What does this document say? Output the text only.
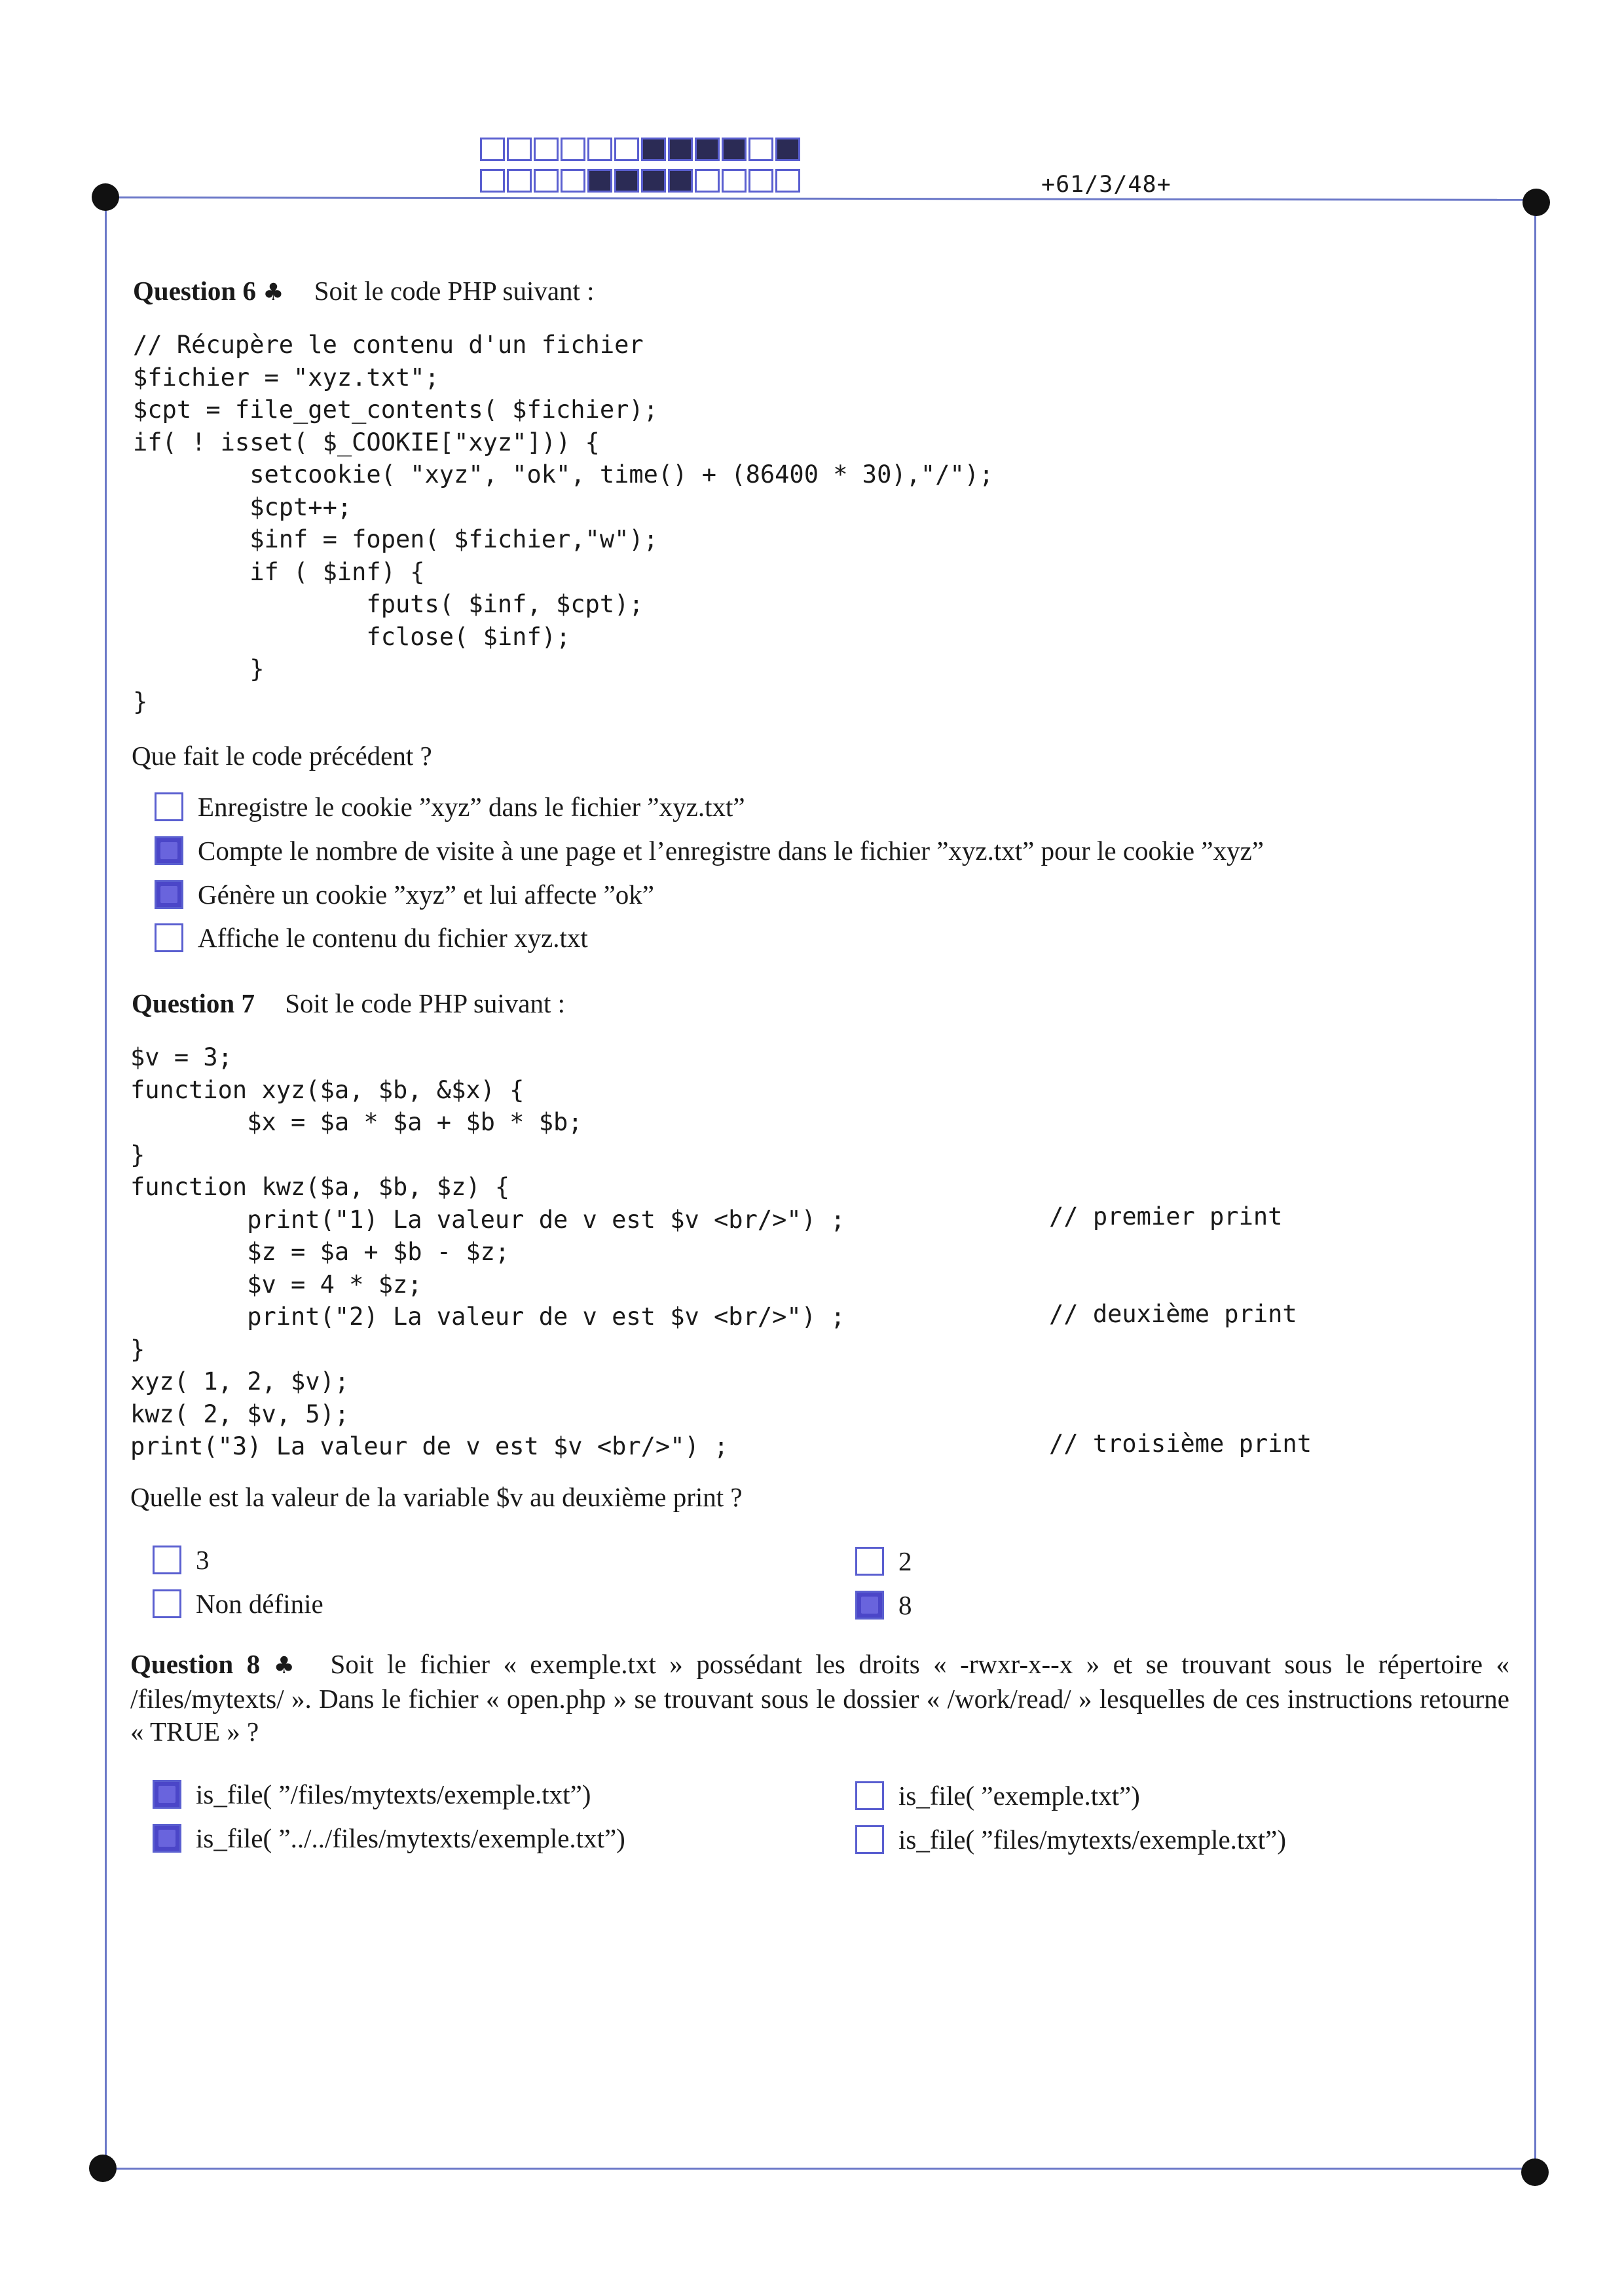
+61/3/48+
Question 6 ♣ Soit le code PHP suivant :
// Récupère le contenu d'un fichier
$fichier = "xyz.txt";
$cpt = file_get_contents( $fichier);
if( ! isset( $_COOKIE["xyz"])) {
setcookie( "xyz", "ok", time() + (86400 * 30),"/");
$cpt++;
$inf = fopen( $fichier,"w");
if ( $inf) {
fputs( $inf, $cpt);
fclose( $inf);
}
}
Que fait le code précédent ?
Enregistre le cookie ”xyz” dans le fichier ”xyz.txt”
Compte le nombre de visite à une page et l’enregistre dans le fichier ”xyz.txt” pour le cookie ”xyz”
Génère un cookie ”xyz” et lui affecte ”ok”
Affiche le contenu du fichier xyz.txt
Question 7 Soit le code PHP suivant :
$v = 3;
function xyz($a, $b, &$x) {
$x = $a * $a + $b * $b;
}
function kwz($a, $b, $z) {
print("1) La valeur de v est $v <br/>") ;
$z = $a + $b - $z;
$v = 4 * $z;
print("2) La valeur de v est $v <br/>") ;
}
xyz( 1, 2, $v);
kwz( 2, $v, 5);
print("3) La valeur de v est $v <br/>") ;
// premier print
// deuxième print
// troisième print
Quelle est la valeur de la variable $v au deuxième print ?
3	2
Non définie	8
Question 8 ♣ Soit le fichier « exemple.txt » possédant les droits « -rwxr-x--x » et se trouvant sous le répertoire « /files/mytexts/ ». Dans le fichier « open.php » se trouvant sous le dossier « /work/read/ » lesquelles de ces instructions retourne « TRUE » ?
is_file( ”/files/mytexts/exemple.txt”)	is_file( ”exemple.txt”)
is_file( ”../../files/mytexts/exemple.txt”)	is_file( ”files/mytexts/exemple.txt”)
